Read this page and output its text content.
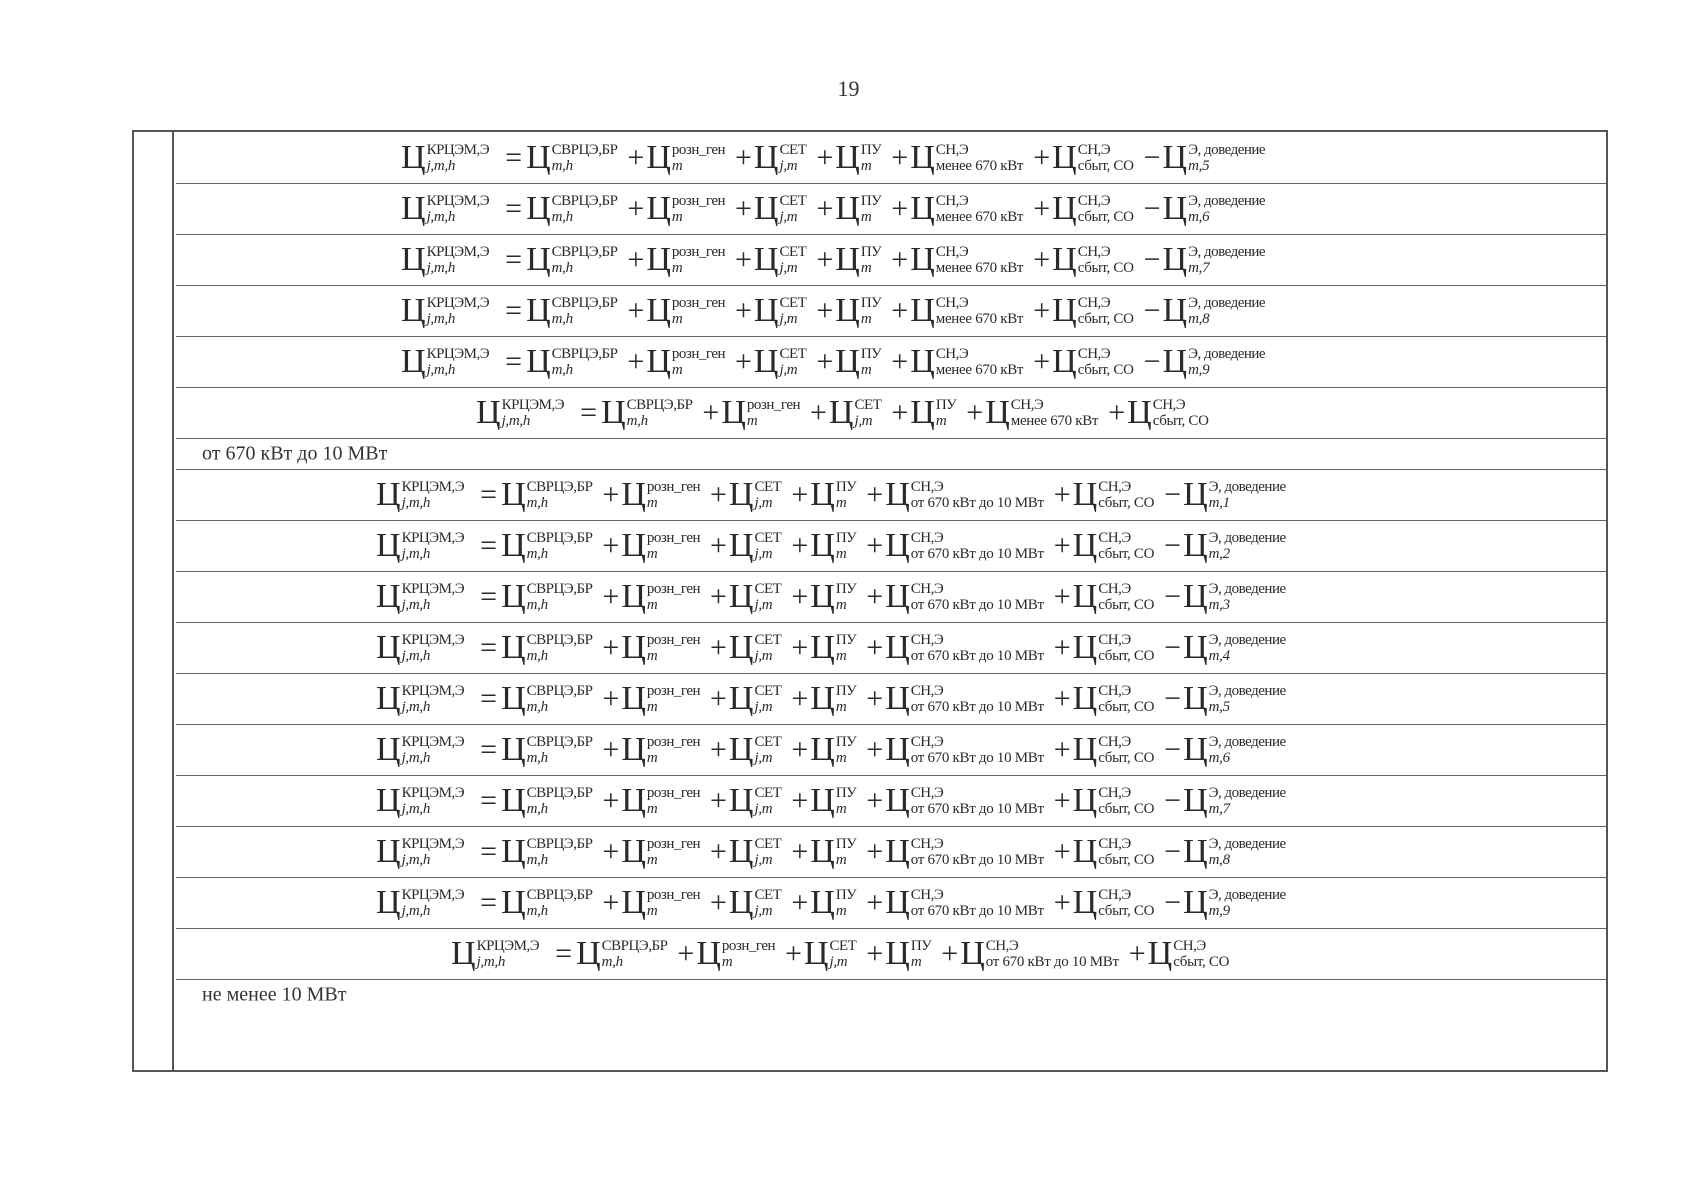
19
Ц КРЦЭМ,Э
j,m,h	= Ц СВРЦЭ,БР
m,h	+ Ц розн_ген
m	+ Ц СЕТ
j,m + Ц ПУ
m + Ц СН,Э
менее 670 кВт + Ц СН,Э
сбыт, СО − Ц Э, доведение
m,5
Ц КРЦЭМ,Э
j,m,h	= Ц СВРЦЭ,БР
m,h	+ Ц розн_ген
m	+ Ц СЕТ
j,m + Ц ПУ
m + Ц СН,Э
менее 670 кВт + Ц СН,Э
сбыт, СО − Ц Э, доведение
m,6
Ц КРЦЭМ,Э
j,m,h	= Ц СВРЦЭ,БР
m,h	+ Ц розн_ген
m	+ Ц СЕТ
j,m + Ц ПУ
m + Ц СН,Э
менее 670 кВт + Ц СН,Э
сбыт, СО − Ц Э, доведение
m,7
Ц КРЦЭМ,Э
j,m,h	= Ц СВРЦЭ,БР
m,h	+ Ц розн_ген
m	+ Ц СЕТ
j,m + Ц ПУ
m + Ц СН,Э
менее 670 кВт + Ц СН,Э
сбыт, СО − Ц Э, доведение
m,8
Ц КРЦЭМ,Э
j,m,h	= Ц СВРЦЭ,БР
m,h	+ Ц розн_ген
m	+ Ц СЕТ
j,m + Ц ПУ
m + Ц СН,Э
менее 670 кВт + Ц СН,Э
сбыт, СО − Ц Э, доведение
m,9
Ц КРЦЭМ,Э
j,m,h	= Ц СВРЦЭ,БР
m,h	+ Ц розн_ген
m	+ Ц СЕТ
j,m + Ц ПУ
m + Ц СН,Э
менее 670 кВт + Ц СН,Э
сбыт, СО
от 670 кВт до 10 МВт
Ц КРЦЭМ,Э
j,m,h	= Ц СВРЦЭ,БР
m,h	+ Ц розн_ген
m	+ Ц СЕТ
j,m + Ц ПУ
m + Ц СН,Э
от 670 кВт до 10 МВт + Ц СН,Э
сбыт, СО − Ц Э, доведение
m,1
Ц КРЦЭМ,Э
j,m,h	= Ц СВРЦЭ,БР
m,h	+ Ц розн_ген
m	+ Ц СЕТ
j,m + Ц ПУ
m + Ц СН,Э
от 670 кВт до 10 МВт + Ц СН,Э
сбыт, СО − Ц Э, доведение
m,2
Ц КРЦЭМ,Э
j,m,h	= Ц СВРЦЭ,БР
m,h	+ Ц розн_ген
m	+ Ц СЕТ
j,m + Ц ПУ
m + Ц СН,Э
от 670 кВт до 10 МВт + Ц СН,Э
сбыт, СО − Ц Э, доведение
m,3
Ц КРЦЭМ,Э
j,m,h	= Ц СВРЦЭ,БР
m,h	+ Ц розн_ген
m	+ Ц СЕТ
j,m + Ц ПУ
m + Ц СН,Э
от 670 кВт до 10 МВт + Ц СН,Э
сбыт, СО − Ц Э, доведение
m,4
Ц КРЦЭМ,Э
j,m,h	= Ц СВРЦЭ,БР
m,h	+ Ц розн_ген
m	+ Ц СЕТ
j,m + Ц ПУ
m + Ц СН,Э
от 670 кВт до 10 МВт + Ц СН,Э
сбыт, СО − Ц Э, доведение
m,5
Ц КРЦЭМ,Э
j,m,h	= Ц СВРЦЭ,БР
m,h	+ Ц розн_ген
m	+ Ц СЕТ
j,m + Ц ПУ
m + Ц СН,Э
от 670 кВт до 10 МВт + Ц СН,Э
сбыт, СО − Ц Э, доведение
m,6
Ц КРЦЭМ,Э
j,m,h	= Ц СВРЦЭ,БР
m,h	+ Ц розн_ген
m	+ Ц СЕТ
j,m + Ц ПУ
m + Ц СН,Э
от 670 кВт до 10 МВт + Ц СН,Э
сбыт, СО − Ц Э, доведение
m,7
Ц КРЦЭМ,Э
j,m,h	= Ц СВРЦЭ,БР
m,h	+ Ц розн_ген
m	+ Ц СЕТ
j,m + Ц ПУ
m + Ц СН,Э
от 670 кВт до 10 МВт + Ц СН,Э
сбыт, СО − Ц Э, доведение
m,8
Ц КРЦЭМ,Э
j,m,h	= Ц СВРЦЭ,БР
m,h	+ Ц розн_ген
m	+ Ц СЕТ
j,m + Ц ПУ
m + Ц СН,Э
от 670 кВт до 10 МВт + Ц СН,Э
сбыт, СО − Ц Э, доведение
m,9
Ц КРЦЭМ,Э
j,m,h	= Ц СВРЦЭ,БР
m,h	+ Ц розн_ген
m	+ Ц СЕТ
j,m + Ц ПУ
m + Ц СН,Э
от 670 кВт до 10 МВт + Ц СН,Э
сбыт, СО
не менее 10 МВт
